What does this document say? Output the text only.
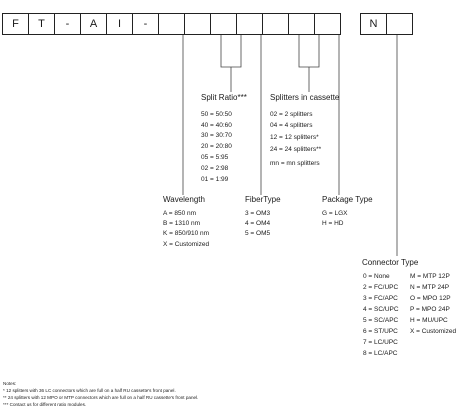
F	T	-	A	I	-	N
Split Ratio***
50 = 50:50
40 = 40:60
30 = 30:70
20 = 20:80
05 = 5:95
02 = 2:98
01 = 1:99
Splitters in cassette
02 = 2 splitters
04 = 4 splitters
12 = 12 splitters*
24 = 24 splitters**
mn = mn splitters
Wavelength
A = 850 nm
B = 1310 nm
K = 850/910 nm
X = Customized
FiberType
3 = OM3
4 = OM4
5 = OM5
Package Type
G = LGX
H = HD
Connector Type
0 = None
2 = FC/UPC
3 = FC/APC
4 = SC/UPC
5 = SC/APC
6 = ST/UPC
7 = LC/UPC
8 = LC/APC
M = MTP 12P
N = MTP 24P
O = MPO 12P
P = MPO 24P
H = MU/UPC
X = Customized
Notes:
* 12 splitters with 36 LC connectors which are full on a half RU cassette's front panel.
** 24 splitters with 12 MPO or MTP connectors which are full on a half RU cassette's front panel.
*** Contact us for different ratio modules.
